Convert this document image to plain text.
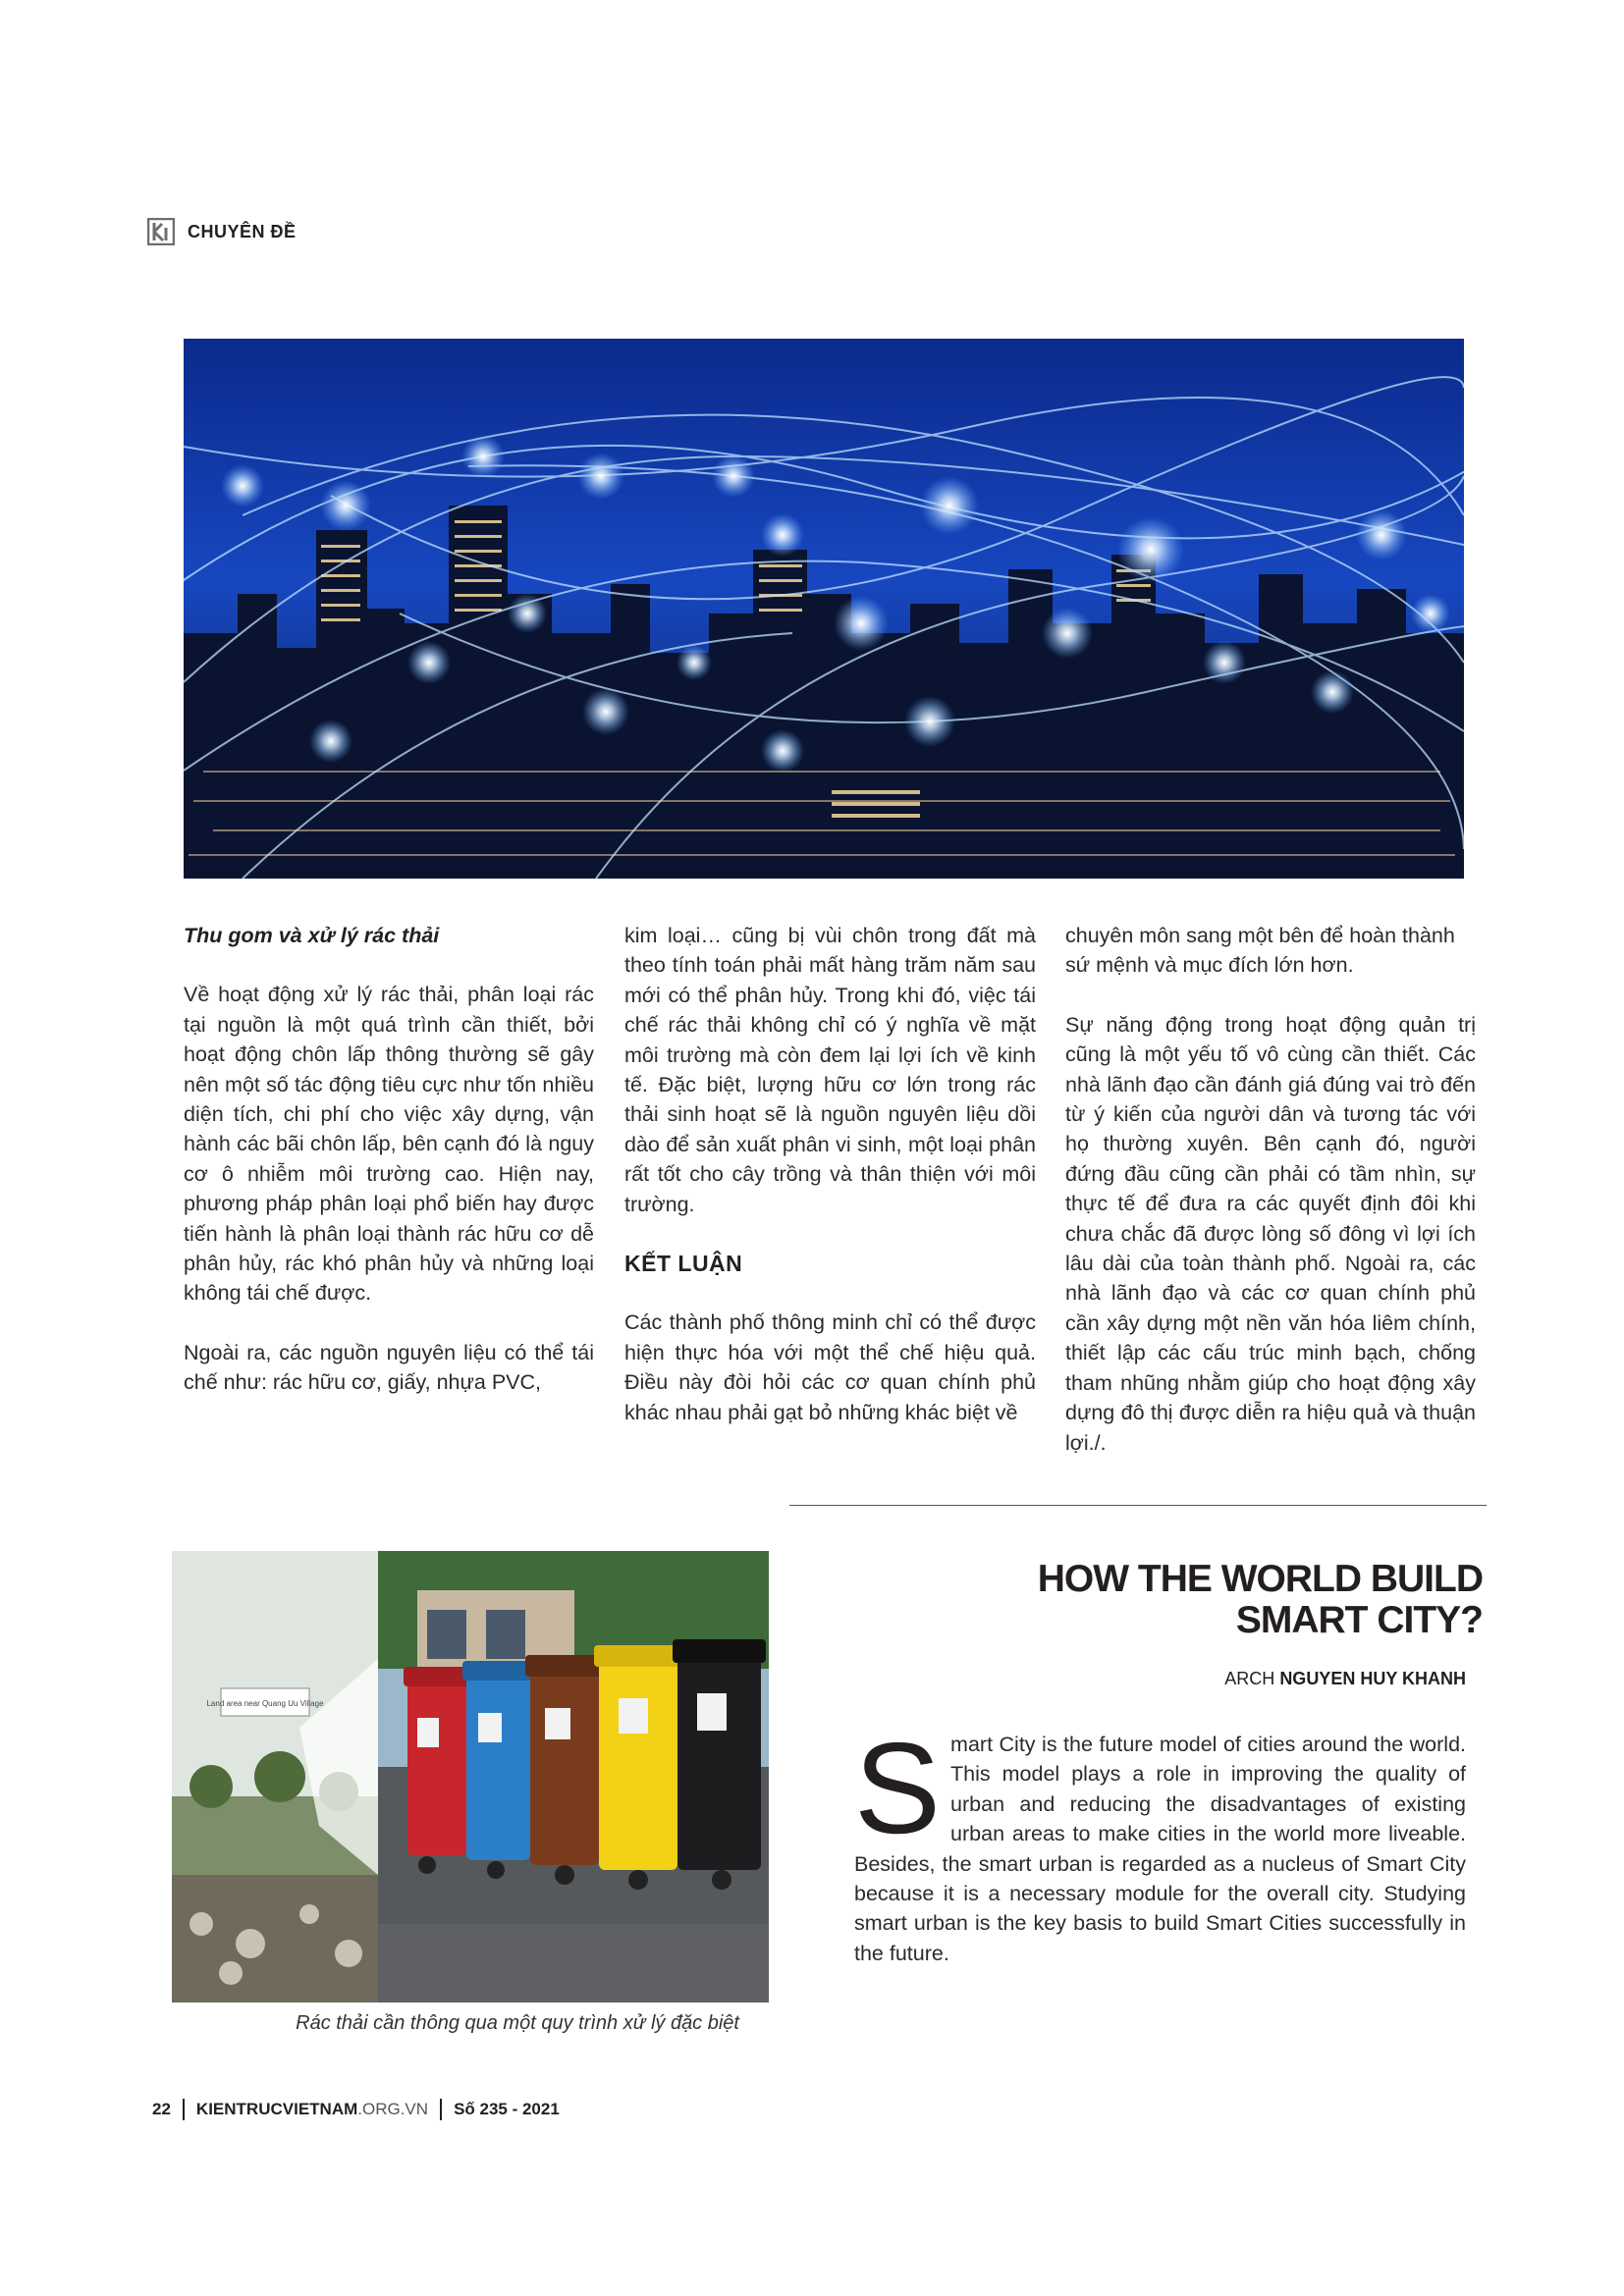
CHUYÊN ĐỀ

Thu gom và xử lý rác thải

Về hoạt động xử lý rác thải, phân loại rác tại nguồn là một quá trình cần thiết, bởi hoạt động chôn lấp thông thường sẽ gây nên một số tác động tiêu cực như tốn nhiều diện tích, chi phí cho việc xây dựng, vận hành các bãi chôn lấp, bên cạnh đó là nguy cơ ô nhiễm môi trường cao. Hiện nay, phương pháp phân loại phổ biến hay được tiến hành là phân loại thành rác hữu cơ dễ phân hủy, rác khó phân hủy và những loại không tái chế được.

Ngoài ra, các nguồn nguyên liệu có thể tái chế như: rác hữu cơ, giấy, nhựa PVC,

kim loại… cũng bị vùi chôn trong đất mà theo tính toán phải mất hàng trăm năm sau mới có thể phân hủy. Trong khi đó, việc tái chế rác thải không chỉ có ý nghĩa về mặt môi trường mà còn đem lại lợi ích về kinh tế. Đặc biệt, lượng hữu cơ lớn trong rác thải sinh hoạt sẽ là nguồn nguyên liệu dồi dào để sản xuất phân vi sinh, một loại phân rất tốt cho cây trồng và thân thiện với môi trường.

KẾT LUẬN

Các thành phố thông minh chỉ có thể được hiện thực hóa với một thể chế hiệu quả. Điều này đòi hỏi các cơ quan chính phủ khác nhau phải gạt bỏ những khác biệt về

chuyên môn sang một bên để hoàn thành sứ mệnh và mục đích lớn hơn.

Sự năng động trong hoạt động quản trị cũng là một yếu tố vô cùng cần thiết. Các nhà lãnh đạo cần đánh giá đúng vai trò đến từ ý kiến của người dân và tương tác với họ thường xuyên. Bên cạnh đó, người đứng đầu cũng cần phải có tầm nhìn, sự thực tế để đưa ra các quyết định đôi khi chưa chắc đã được lòng số đông vì lợi ích lâu dài của toàn thành phố. Ngoài ra, các nhà lãnh đạo và các cơ quan chính phủ cần xây dựng một nền văn hóa liêm chính, thiết lập các cấu trúc minh bạch, chống tham nhũng nhằm giúp cho hoạt động xây dựng đô thị được diễn ra hiệu quả và thuận lợi./.

Land area near Quang Uu Village
Rác thải cần thông qua một quy trình xử lý đặc biệt
HOW THE WORLD BUILD
SMART CITY?
ARCH NGUYEN HUY KHANH
S mart City is the future model of cities around the world. This model plays a role in improving the quality of urban and reducing the disadvantages of existing urban areas to make cities in the world more liveable. Besides, the smart urban is regarded as a nucleus of Smart City because it is a necessary module for the overall city. Studying smart urban is the key basis to build Smart Cities successfully in the future.
22 KIENTRUCVIETNAM .ORG.VN Số 235 - 2021
